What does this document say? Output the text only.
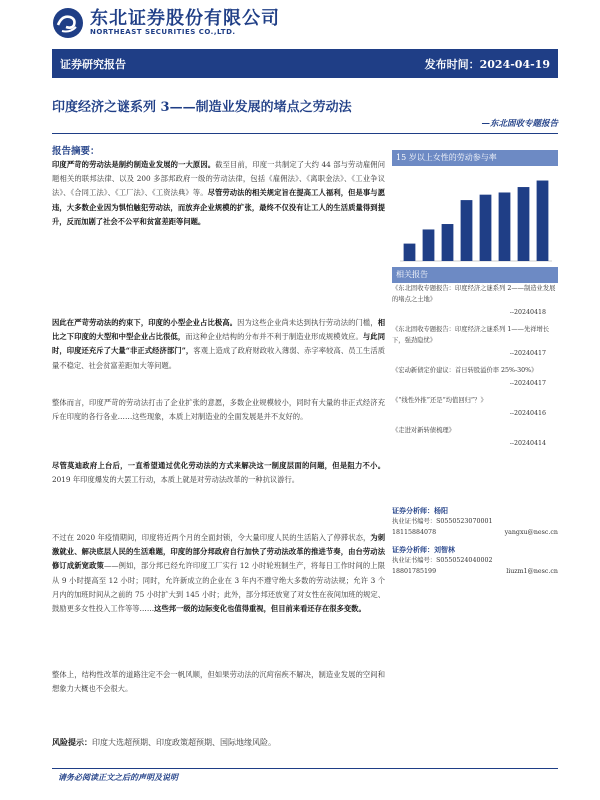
东北证券股份有限公司
NORTHEAST SECURITIES CO.,LTD.
证券研究报告	发布时间：2024-04-19
印度经济之谜系列 3——制造业发展的堵点之劳动法
—东北固收专题报告
报告摘要：
印度严苛的劳动法是制约制造业发展的一大原因。截至目前，印度一共制定了大约 44 部与劳动雇佣问题相关的联邦法律、以及 200 多部邦政府一级的劳动法律，包括《雇佣法》、《离职金法》、《工业争议法》、《合同工法》、《工厂法》、《工资法典》等。尽管劳动法的相关规定旨在提高工人福利，但是事与愿违，大多数企业因为惧怕触犯劳动法，而放弃企业规模的扩张，最终不仅没有让工人的生活质量得到提升，反而加剧了社会不公平和贫富差距等问题。
因此在严苛劳动法的约束下，印度的小型企业占比极高。因为这些企业尚未达到执行劳动法的门槛，相比之下印度的大型和中型企业占比很低，而这种企业结构的分布并不利于制造业形成规模效应。与此同时，印度还充斥了大量“非正式经济部门”，客观上造成了政府财政收入薄弱、赤字率较高、员工生活质量不稳定、社会贫富差距加大等问题。
整体而言，印度严苛的劳动法打击了企业扩张的意愿，多数企业规模较小，同时有大量的非正式经济充斥在印度的各行各业……这些现象，本质上对制造业的全面发展是并不友好的。
尽管莫迪政府上台后，一直希望通过优化劳动法的方式来解决这一制度层面的问题，但是阻力不小。2019 年印度爆发的大罢工行动，本质上就是对劳动法改革的一种抗议游行。
不过在 2020 年疫情期间，印度将近两个月的全面封锁，令大量印度人民的生活陷入了停滞状态，为刺激就业、解决底层人民的生活难题，印度的部分邦政府自行加快了劳动法改革的推进节奏，由台劳动法修订成新宽政策——例如，部分邦已经允许印度工厂实行 12 小时轮班制生产，将每日工作时间的上限从 9 小时提高至 12 小时；同时，允许新成立的企业在 3 年内不遵守绝大多数的劳动法规；允许 3 个月内的加班时间从之前的 75 小时扩大到 145 小时；此外，部分邦还放宽了对女性在夜间加班的规定、鼓励更多女性投入工作等等……这些邦一级的边际变化也值得重视，但目前来看还存在很多变数。
整体上，结构性改革的道路注定不会一帆风顺，但如果劳动法的沉疴宿疾不解决，制造业发展的空间和想象力大概也不会很大。
15 岁以上女性的劳动参与率
相关报告
《东北固收专题报告：印度经济之谜系列 2——制造业发展的堵点之土地》
--20240418
《东北固收专题报告：印度经济之谜系列 1——先祥增长下，强劲隐忧》
--20240417
《宏动新债定价建议：首日转股溢价率 25%-30%》
--20240417
《“线性外推”还是“均值回归”？》
--20240416
《走进对新转债梳理》
--20240414
证券分析师：杨阳
执业证书编号：S0550523070001
18115884078	yangxu@nesc.cn
证券分析师：刘智林
执业证书编号：S0550524040002
18801785199	liuzm1@nesc.cn
风险提示：印度大选超预期、印度政策超预期、国际地缘风险。
请务必阅读正文之后的声明及说明
